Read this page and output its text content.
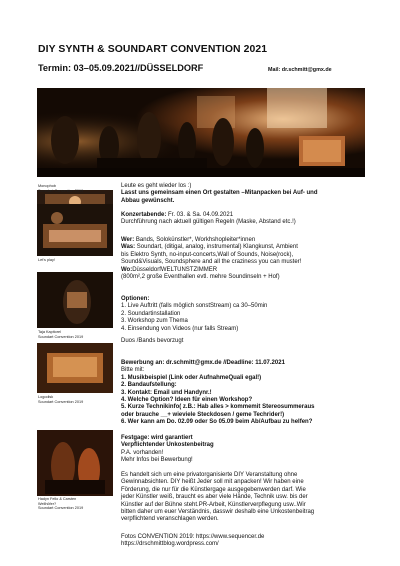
DIY SYNTH & SOUNDART CONVENTION 2021
Termin: 03–05.09.2021//DÜSSELDORF	Mail: dr.schmitt@gmx.de
Monophob
Soundart Convention 2019
Let's play!
Taja Kapitorel
Soundart Convention 2019
Logodisk
Soundart Convention 2019
Hadyn Fello & Carsten
Wellhöfer?
Soundart Convention 2019

Leute es geht wieder los :)

Lasst uns gemeinsam einen Ort gestalten –Mitanpacken bei Auf- und

Abbau gewünscht.

Konzertabende: Fr. 03. & Sa. 04.09.2021

Durchführung nach aktuell gültigen Regeln (Maske, Abstand etc.!)

Wer: Bands, Solokünstler*, Workhshopleiter*innen

Was: Soundart, (ditigal, analog, instrumental) Klangkunst, Ambient

bis Elektro Synth, no-input-concerts,Wall of Sounds, Noise(rock),

Sound&Visuals, Soundsphere and all the craziness you can muster!

Wo:DüsseldorfWELTUNSTZIMMER

(800m²,2 große Eventhallen evtl. mehre Soundinseln + Hof)

Optionen:

1. Live Auftritt (falls möglich sonstStream) ca 30–50min

2. Soundartinstallation

3. Workshop zum Thema

4. Einsendung von Videos (nur falls Stream)

Duos /Bands bevorzugt

Bewerbung an: dr.schmitt@gmx.de //Deadline: 11.07.2021

Bitte mit:

1. Musikbeispiel (Link oder AufnahmeQuali egal!)

2. Bandaufstellung:

3. Kontakt: Email und Handynr.!

4. Welche Option? Ideen für einen Workshop?

5. Kurze Technikinfo( z.B.: Hab alles > kommemit Stereosummeraus

oder brauche __+ wieviele Steckdosen / geme Techrider!)

6. Wer kann am Do. 02.09 oder So 05.09 beim Ab/Aufbau zu helfen?

Festgage: wird garantiert

Verpflichtender Unkostenbeitrag

P.A. vorhanden!

Mehr Infos bei Bewerbung!

Es handelt sich um eine privatorganisierte DIY Veranstaltung ohne

Gewinnabsichten. DIY heißt Jeder soll mit anpacken! Wir haben eine

Förderung, die nur für die Künstlergage ausgegebenwerden darf. Wie

jeder Künstler weiß, braucht es aber viele Hände, Technik usw. bis der

Künstler auf der Bühne steht.PR-Arbeit, Künstlerverpflegung usw..Wir

bitten daher um euer Verständnis, dasswir deshalb eine Unkostenbeitrag

verpflichtend veranschlagen werden.

Fotos CONVENTION 2019: https://www.sequencer.de

https://drschmittblog.wordpress.com/
